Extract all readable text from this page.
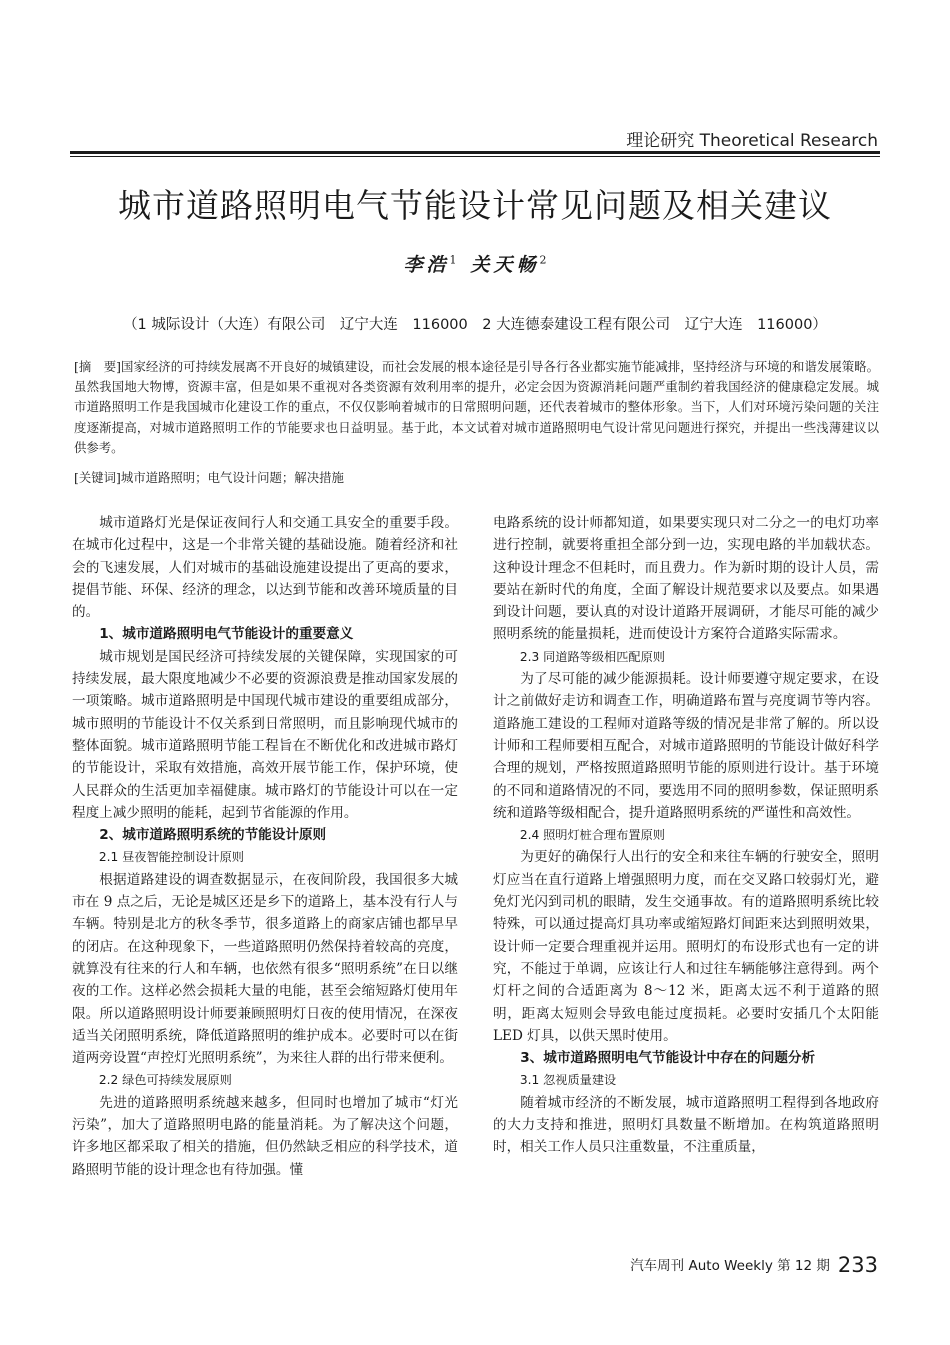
理论研究 Theoretical Research
城市道路照明电气节能设计常见问题及相关建议
李浩$^1$ 关天畅$^2$
（1 城际设计（大连）有限公司　辽宁大连　116000　2 大连德泰建设工程有限公司　辽宁大连　116000）
[摘　要]国家经济的可持续发展离不开良好的城镇建设，而社会发展的根本途径是引导各行各业都实施节能减排，坚持经济与环境的和谐发展策略。虽然我国地大物博，资源丰富，但是如果不重视对各类资源有效利用率的提升，必定会因为资源消耗问题严重制约着我国经济的健康稳定发展。城市道路照明工作是我国城市化建设工作的重点，不仅仅影响着城市的日常照明问题，还代表着城市的整体形象。当下，人们对环境污染问题的关注度逐渐提高，对城市道路照明工作的节能要求也日益明显。基于此，本文试着对城市道路照明电气设计常见问题进行探究，并提出一些浅薄建议以供参考。
[关键词]城市道路照明；电气设计问题；解决措施

城市道路灯光是保证夜间行人和交通工具安全的重要手段。在城市化过程中，这是一个非常关键的基础设施。随着经济和社会的飞速发展，人们对城市的基础设施建设提出了更高的要求，提倡节能、环保、经济的理念，以达到节能和改善环境质量的目的。

1、城市道路照明电气节能设计的重要意义

城市规划是国民经济可持续发展的关键保障，实现国家的可持续发展，最大限度地减少不必要的资源浪费是推动国家发展的一项策略。城市道路照明是中国现代城市建设的重要组成部分，城市照明的节能设计不仅关系到日常照明，而且影响现代城市的整体面貌。城市道路照明节能工程旨在不断优化和改进城市路灯的节能设计，采取有效措施，高效开展节能工作，保护环境，使人民群众的生活更加幸福健康。城市路灯的节能设计可以在一定程度上减少照明的能耗，起到节省能源的作用。

2、城市道路照明系统的节能设计原则
2.1 昼夜智能控制设计原则

根据道路建设的调查数据显示，在夜间阶段，我国很多大城市在 9 点之后，无论是城区还是乡下的道路上，基本没有行人与车辆。特别是北方的秋冬季节，很多道路上的商家店铺也都早早的闭店。在这种现象下，一些道路照明仍然保持着较高的亮度，就算没有往来的行人和车辆，也依然有很多“照明系统”在日以继夜的工作。这样必然会损耗大量的电能，甚至会缩短路灯使用年限。所以道路照明设计师要兼顾照明灯日夜的使用情况，在深夜适当关闭照明系统，降低道路照明的维护成本。必要时可以在街道两旁设置“声控灯光照明系统”，为来往人群的出行带来便利。

2.2 绿色可持续发展原则

先进的道路照明系统越来越多，但同时也增加了城市“灯光污染”，加大了道路照明电路的能量消耗。为了解决这个问题，许多地区都采取了相关的措施，但仍然缺乏相应的科学技术，道路照明节能的设计理念也有待加强。懂

电路系统的设计师都知道，如果要实现只对二分之一的电灯功率进行控制，就要将重担全部分到一边，实现电路的半加载状态。这种设计理念不但耗时，而且费力。作为新时期的设计人员，需要站在新时代的角度，全面了解设计规范要求以及要点。如果遇到设计问题，要认真的对设计道路开展调研，才能尽可能的减少照明系统的能量损耗，进而使设计方案符合道路实际需求。

2.3 同道路等级相匹配原则

为了尽可能的减少能源损耗。设计师要遵守规定要求，在设计之前做好走访和调查工作，明确道路布置与亮度调节等内容。道路施工建设的工程师对道路等级的情况是非常了解的。所以设计师和工程师要相互配合，对城市道路照明的节能设计做好科学合理的规划，严格按照道路照明节能的原则进行设计。基于环境的不同和道路情况的不同，要选用不同的照明参数，保证照明系统和道路等级相配合，提升道路照明系统的严谨性和高效性。

2.4 照明灯桩合理布置原则

为更好的确保行人出行的安全和来往车辆的行驶安全，照明灯应当在直行道路上增强照明力度，而在交叉路口较弱灯光，避免灯光闪到司机的眼睛，发生交通事故。有的道路照明系统比较特殊，可以通过提高灯具功率或缩短路灯间距来达到照明效果，设计师一定要合理重视并运用。照明灯的布设形式也有一定的讲究，不能过于单调，应该让行人和过往车辆能够注意得到。两个灯杆之间的合适距离为 8～12 米，距离太远不利于道路的照明，距离太短则会导致电能过度损耗。必要时安插几个太阳能 LED 灯具，以供天黑时使用。

3、城市道路照明电气节能设计中存在的问题分析
3.1 忽视质量建设

随着城市经济的不断发展，城市道路照明工程得到各地政府的大力支持和推进，照明灯具数量不断增加。在构筑道路照明时，相关工作人员只注重数量，不注重质量，

汽车周刊 Auto Weekly 第 12 期 233
